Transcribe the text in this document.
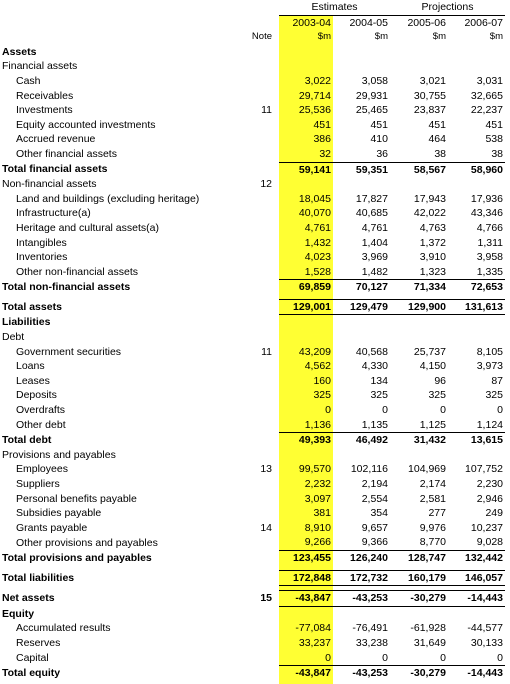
			Estimates		Projections	
			2003-04	2004-05	2005-06	2006-07
	Note		$m	$m	$m	$m
Assets						
Financial assets						
Cash			3,022	3,058	3,021	3,031
Receivables			29,714	29,931	30,755	32,665
Investments	11		25,536	25,465	23,837	22,237
Equity accounted investments			451	451	451	451
Accrued revenue			386	410	464	538
Other financial assets			32	36	38	38
Total financial assets			59,141	59,351	58,567	58,960
Non-financial assets	12					
Land and buildings (excluding heritage)			18,045	17,827	17,943	17,936
Infrastructure(a)			40,070	40,685	42,022	43,346
Heritage and cultural assets(a)			4,761	4,761	4,763	4,766
Intangibles			1,432	1,404	1,372	1,311
Inventories			4,023	3,969	3,910	3,958
Other non-financial assets			1,528	1,482	1,323	1,335
Total non-financial assets			69,859	70,127	71,334	72,653

Total assets			129,001	129,479	129,900	131,613
Liabilities						
Debt						
Government securities	11		43,209	40,568	25,737	8,105
Loans			4,562	4,330	4,150	3,973
Leases			160	134	96	87
Deposits			325	325	325	325
Overdrafts			0	0	0	0
Other debt			1,136	1,135	1,125	1,124
Total debt			49,393	46,492	31,432	13,615
Provisions and payables						
Employees	13		99,570	102,116	104,969	107,752
Suppliers			2,232	2,194	2,174	2,230
Personal benefits payable			3,097	2,554	2,581	2,946
Subsidies payable			381	354	277	249
Grants payable	14		8,910	9,657	9,976	10,237
Other provisions and payables			9,266	9,366	8,770	9,028
Total provisions and payables			123,455	126,240	128,747	132,442

Total liabilities			172,848	172,732	160,179	146,057

Net assets	15		-43,847	-43,253	-30,279	-14,443
Equity						
Accumulated results			-77,084	-76,491	-61,928	-44,577
Reserves			33,237	33,238	31,649	30,133
Capital			0	0	0	0
Total equity			-43,847	-43,253	-30,279	-14,443
